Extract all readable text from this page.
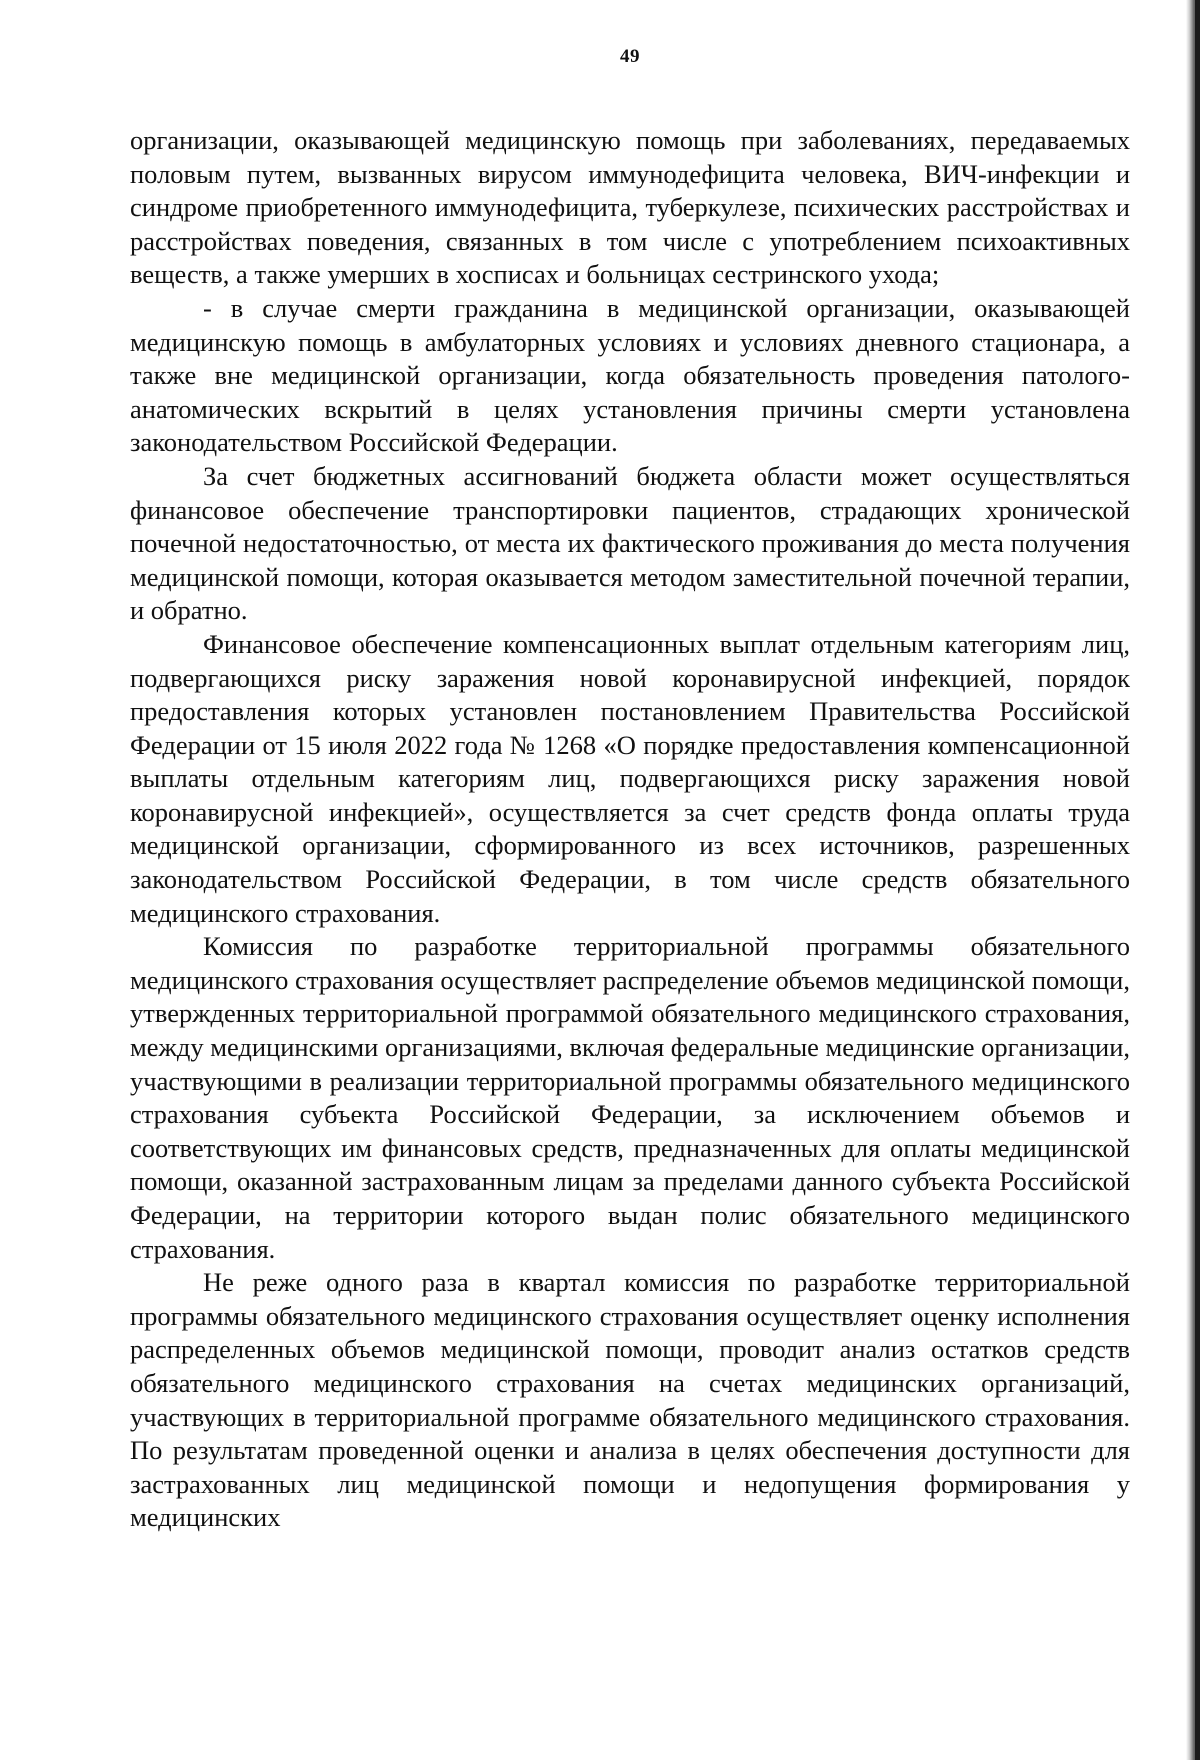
49

организации, оказывающей медицинскую помощь при заболеваниях, передаваемых половым путем, вызванных вирусом иммунодефицита человека, ВИЧ-инфекции и синдроме приобретенного иммунодефицита, туберкулезе, психических расстройствах и расстройствах поведения, связанных в том числе с употреблением психоактивных веществ, а также умерших в хосписах и больницах сестринского ухода;

- в случае смерти гражданина в медицинской организации, оказывающей медицинскую помощь в амбулаторных условиях и условиях дневного стационара, а также вне медицинской организации, когда обязательность проведения патолого-анатомических вскрытий в целях установления причины смерти установлена законодательством Российской Федерации.

За счет бюджетных ассигнований бюджета области может осуществляться финансовое обеспечение транспортировки пациентов, страдающих хронической почечной недостаточностью, от места их фактического проживания до места получения медицинской помощи, которая оказывается методом заместительной почечной терапии, и обратно.

Финансовое обеспечение компенсационных выплат отдельным категориям лиц, подвергающихся риску заражения новой коронавирусной инфекцией, порядок предоставления которых установлен постановлением Правительства Российской Федерации от 15 июля 2022 года № 1268 «О порядке предоставления компенсационной выплаты отдельным категориям лиц, подвергающихся риску заражения новой коронавирусной инфекцией», осуществляется за счет средств фонда оплаты труда медицинской организации, сформированного из всех источников, разрешенных законодательством Российской Федерации, в том числе средств обязательного медицинского страхования.

Комиссия по разработке территориальной программы обязательного медицинского страхования осуществляет распределение объемов медицинской помощи, утвержденных территориальной программой обязательного медицинского страхования, между медицинскими организациями, включая федеральные медицинские организации, участвующими в реализации территориальной программы обязательного медицинского страхования субъекта Российской Федерации, за исключением объемов и соответствующих им финансовых средств, предназначенных для оплаты медицинской помощи, оказанной застрахованным лицам за пределами данного субъекта Российской Федерации, на территории которого выдан полис обязательного медицинского страхования.

Не реже одного раза в квартал комиссия по разработке территориальной программы обязательного медицинского страхования осуществляет оценку исполнения распределенных объемов медицинской помощи, проводит анализ остатков средств обязательного медицинского страхования на счетах медицинских организаций, участвующих в территориальной программе обязательного медицинского страхования. По результатам проведенной оценки и анализа в целях обеспечения доступности для застрахованных лиц медицинской помощи и недопущения формирования у медицинских
